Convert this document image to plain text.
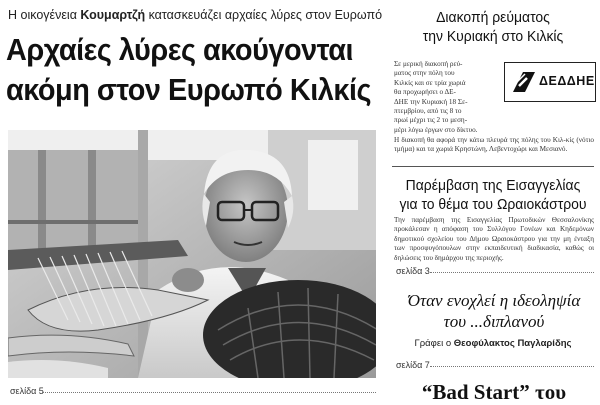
Η οικογένεια Κουμαρτζή κατασκευάζει αρχαίες λύρες στον Ευρωπό
Αρχαίες λύρες ακούγονται
ακόμη στον Ευρωπό Κιλκίς
σελίδα 5
Διακοπή ρεύματος
την Κυριακή στο Κιλκίς
Σε μερική διακοπή ρεύ-
ματος στην πόλη του
Κιλκίς και σε τρία χωριά
θα προχωρήσει ο ΔΕ-
ΔΗΕ την Κυριακή 18 Σε-
πτεμβρίου, από τις 8 το
πρωί μέχρι τις 2 το μεση-
μέρι λόγω έργων στο δίκτυο.
ΔΕΔΔΗΕ
Η διακοπή θα αφορά την κάτω πλευρά της πόλης του Κιλ-κίς (νότιο τμήμα) και τα χωριά Κρηστώνη, Λεβεντοχώρι και Μεσιανό.
Παρέμβαση της Εισαγγελίας
για το θέμα του Ωραιοκάστρου
Την παρέμβαση της Εισαγγελίας Πρωτοδικών Θεσσαλονίκης προκάλεσαν η απόφαση του Συλλόγου Γονέων και Κηδεμόνων δημοτικού σχολείου του Δήμου Ωραιοκάστρου για την μη ένταξη των προσφυγόπουλων στην εκπαιδευτική διαδικασία, καθώς οι δηλώσεις του δημάρχου της περιοχής.
σελίδα 3
Όταν ενοχλεί η ιδεοληψία
του ...διπλανού
Γράφει ο Θεοφύλακτος Παγλαρίδης
σελίδα 7
“Bad Start” του
